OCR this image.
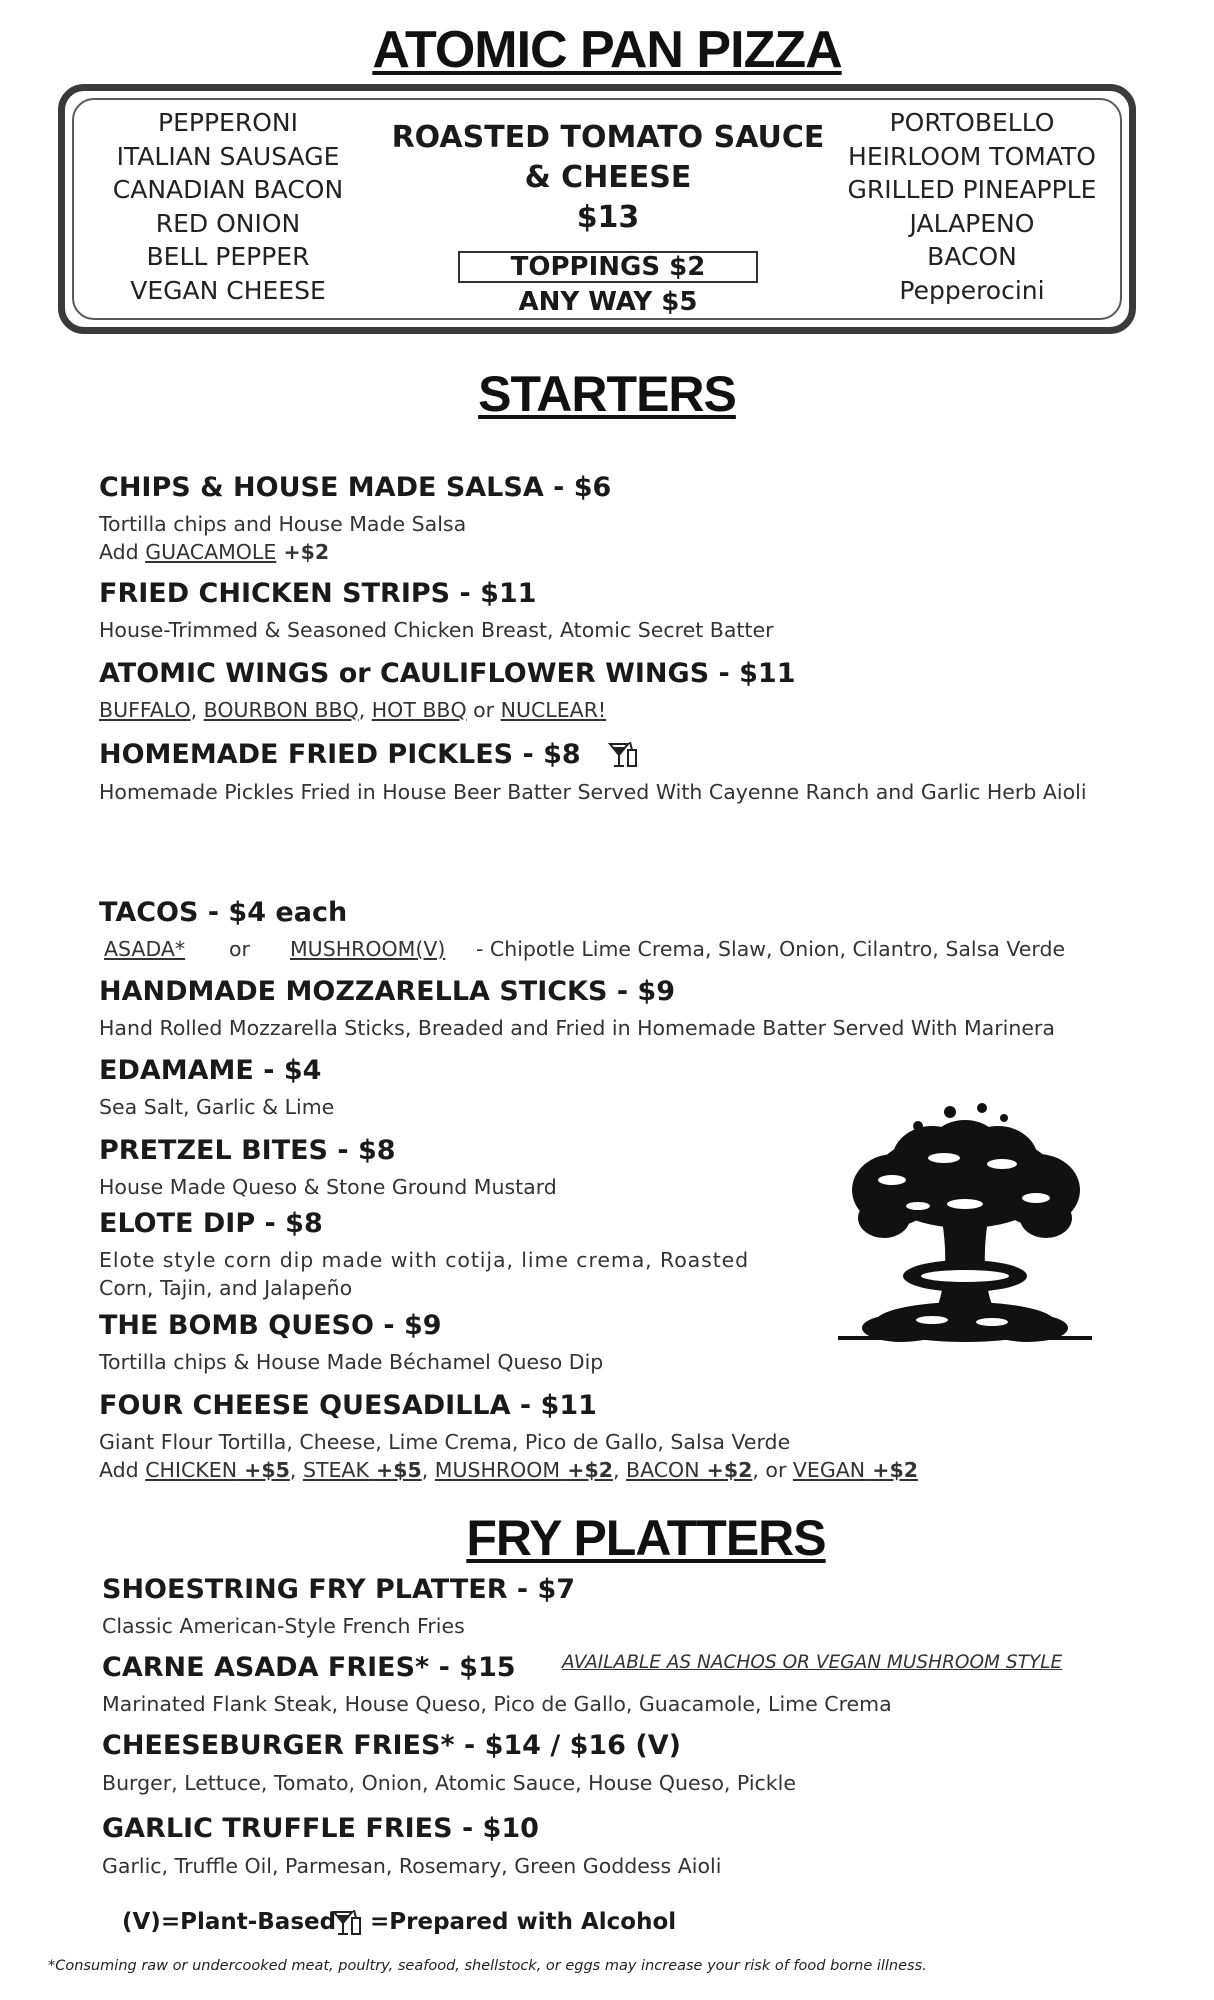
ATOMIC PAN PIZZA
PEPPERONI
ITALIAN SAUSAGE
CANADIAN BACON
RED ONION
BELL PEPPER
VEGAN CHEESE
ROASTED TOMATO SAUCE
& CHEESE
$13
TOPPINGS $2
ANY WAY $5
PORTOBELLO
HEIRLOOM TOMATO
GRILLED PINEAPPLE
JALAPENO
BACON
Pepperocini
STARTERS
CHIPS & HOUSE MADE SALSA - $6
Tortilla chips and House Made Salsa
Add GUACAMOLE +$2
FRIED CHICKEN STRIPS - $11
House-Trimmed & Seasoned Chicken Breast, Atomic Secret Batter
ATOMIC WINGS or CAULIFLOWER WINGS - $11
BUFFALO, BOURBON BBQ, HOT BBQ or NUCLEAR!
HOMEMADE FRIED PICKLES - $8
Homemade Pickles Fried in House Beer Batter Served With Cayenne Ranch and Garlic Herb Aioli
TACOS - $4 each
ASADA* or MUSHROOM(V) - Chipotle Lime Crema, Slaw, Onion, Cilantro, Salsa Verde
HANDMADE MOZZARELLA STICKS - $9
Hand Rolled Mozzarella Sticks, Breaded and Fried in Homemade Batter Served With Marinera
EDAMAME - $4
Sea Salt, Garlic & Lime
PRETZEL BITES - $8
House Made Queso & Stone Ground Mustard
ELOTE DIP - $8
Elote style corn dip made with cotija, lime crema, Roasted
Corn, Tajin, and Jalapeño
THE BOMB QUESO - $9
Tortilla chips & House Made Béchamel Queso Dip
FOUR CHEESE QUESADILLA - $11
Giant Flour Tortilla, Cheese, Lime Crema, Pico de Gallo, Salsa Verde
Add CHICKEN +$5, STEAK +$5, MUSHROOM +$2, BACON +$2, or VEGAN +$2
FRY PLATTERS
SHOESTRING FRY PLATTER - $7
Classic American-Style French Fries
CARNE ASADA FRIES* - $15	AVAILABLE AS NACHOS OR VEGAN MUSHROOM STYLE
Marinated Flank Steak, House Queso, Pico de Gallo, Guacamole, Lime Crema
CHEESEBURGER FRIES* - $14 / $16 (V)
Burger, Lettuce, Tomato, Onion, Atomic Sauce, House Queso, Pickle
GARLIC TRUFFLE FRIES - $10
Garlic, Truffle Oil, Parmesan, Rosemary, Green Goddess Aioli
(V)=Plant-Based =Prepared with Alcohol
*Consuming raw or undercooked meat, poultry, seafood, shellstock, or eggs may increase your risk of food borne illness.
